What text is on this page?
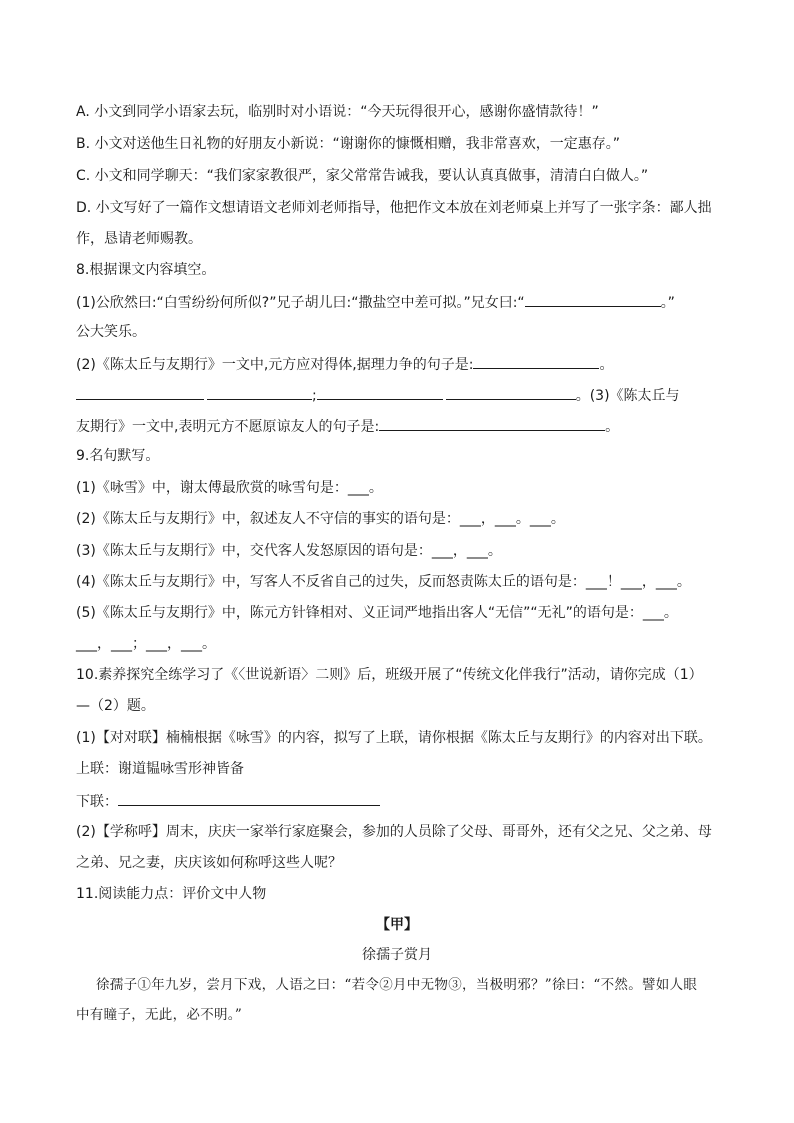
A. 小文到同学小语家去玩，临别时对小语说：“今天玩得很开心，感谢你盛情款待！”
B. 小文对送他生日礼物的好朋友小新说：“谢谢你的慷慨相赠，我非常喜欢，一定惠存。”
C. 小文和同学聊天：“我们家家教很严，家父常常告诫我，要认认真真做事，清清白白做人。”
D. 小文写好了一篇作文想请语文老师刘老师指导，他把作文本放在刘老师桌上并写了一张字条：鄙人拙
作，恳请老师赐教。
8.根据课文内容填空。
(1)公欣然曰:“白雪纷纷何所似?”兄子胡儿曰:“撒盐空中差可拟。”兄女曰:“	。”
公大笑乐。
(2)《陈太丘与友期行》一文中,元方应对得体,据理力争的句子是:	。
;	。(3)《陈太丘与
友期行》一文中,表明元方不愿原谅友人的句子是:	。
9.名句默写。
(1)《咏雪》中，谢太傅最欣赏的咏雪句是：___。
(2)《陈太丘与友期行》中，叙述友人不守信的事实的语句是：___，___。___。
(3)《陈太丘与友期行》中，交代客人发怒原因的语句是：___，___。
(4)《陈太丘与友期行》中，写客人不反省自己的过失，反而怒责陈太丘的语句是：___！___，___。
(5)《陈太丘与友期行》中，陈元方针锋相对、义正词严地指出客人“无信”“无礼”的语句是：___。
___，___；___，___。
10.素养探究全练学习了《〈世说新语〉二则》后，班级开展了“传统文化伴我行”活动，请你完成（1）
—（2）题。
(1)【对对联】楠楠根据《咏雪》的内容，拟写了上联，请你根据《陈太丘与友期行》的内容对出下联。
上联：谢道韫咏雪形神皆备
下联：
(2)【学称呼】周末，庆庆一家举行家庭聚会，参加的人员除了父母、哥哥外，还有父之兄、父之弟、母
之弟、兄之妻，庆庆该如何称呼这些人呢？
11.阅读能力点：评价文中人物
【甲】
徐孺子赏月
徐孺子①年九岁，尝月下戏，人语之曰：“若令②月中无物③，当极明邪？”徐曰：“不然。譬如人眼
中有瞳子，无此，必不明。”
